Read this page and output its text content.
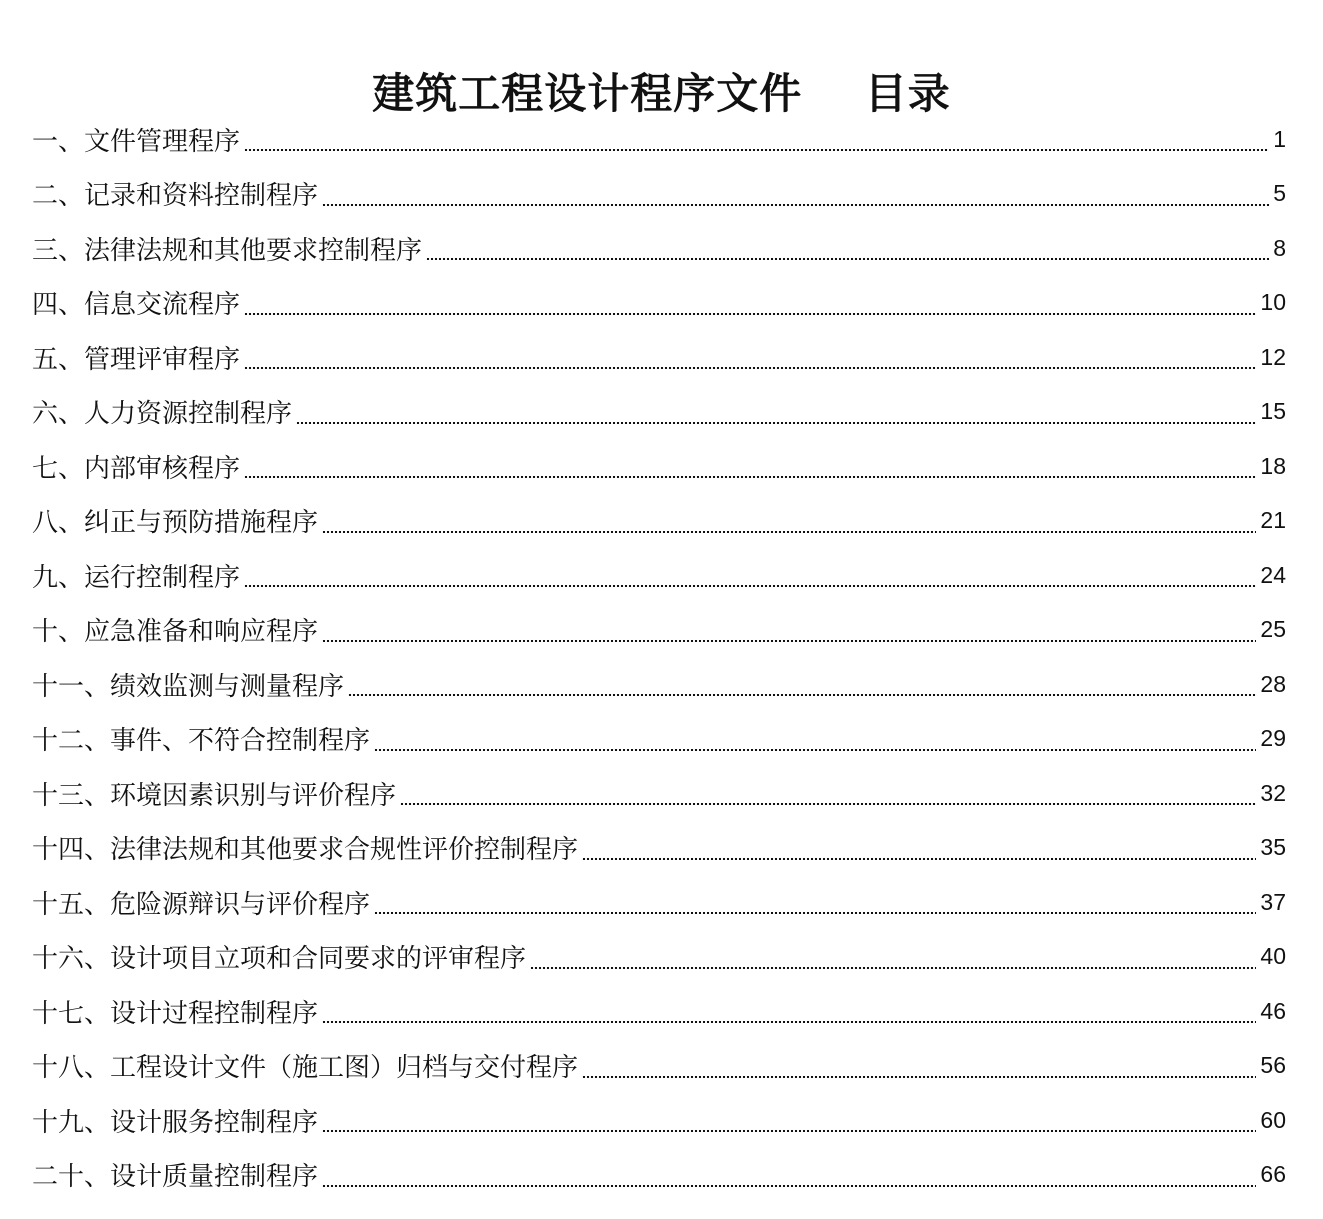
建筑工程设计程序文件    目录
一、文件管理程序	1
二、记录和资料控制程序	5
三、法律法规和其他要求控制程序	8
四、信息交流程序	10
五、管理评审程序	12
六、人力资源控制程序	15
七、内部审核程序	18
八、纠正与预防措施程序	21
九、运行控制程序	24
十、应急准备和响应程序	25
十一、绩效监测与测量程序	28
十二、事件、不符合控制程序	29
十三、环境因素识别与评价程序	32
十四、法律法规和其他要求合规性评价控制程序	35
十五、危险源辩识与评价程序	37
十六、设计项目立项和合同要求的评审程序	40
十七、设计过程控制程序	46
十八、工程设计文件（施工图）归档与交付程序	56
十九、设计服务控制程序	60
二十、设计质量控制程序	66
